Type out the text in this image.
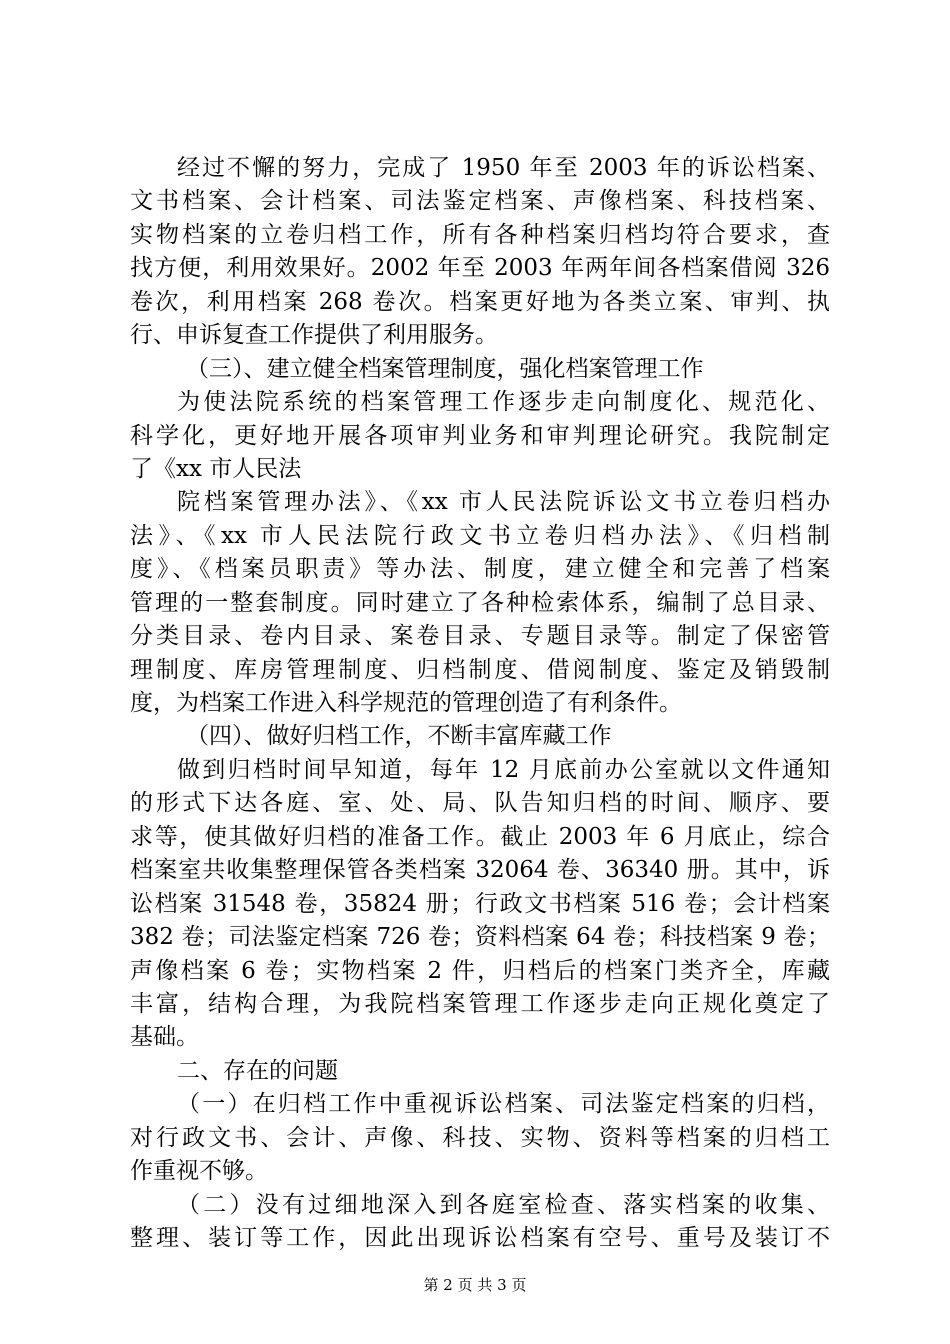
经过不懈的努力，完成了 1950 年至 2003 年的诉讼档案、
文书档案、会计档案、司法鉴定档案、声像档案、科技档案、
实物档案的立卷归档工作，所有各种档案归档均符合要求，查
找方便，利用效果好。2002 年至 2003 年两年间各档案借阅 326
卷次，利用档案 268 卷次。档案更好地为各类立案、审判、执
行、申诉复查工作提供了利用服务。
（三）、建立健全档案管理制度，强化档案管理工作
为使法院系统的档案管理工作逐步走向制度化、规范化、
科学化，更好地开展各项审判业务和审判理论研究。我院制定
了《xx 市人民法
院档案管理办法》、《xx 市人民法院诉讼文书立卷归档办
法》、《xx 市人民法院行政文书立卷归档办法》、《归档制
度》、《档案员职责》等办法、制度，建立健全和完善了档案
管理的一整套制度。同时建立了各种检索体系，编制了总目录、
分类目录、卷内目录、案卷目录、专题目录等。制定了保密管
理制度、库房管理制度、归档制度、借阅制度、鉴定及销毁制
度，为档案工作进入科学规范的管理创造了有利条件。
（四）、做好归档工作，不断丰富库藏工作
做到归档时间早知道，每年 12 月底前办公室就以文件通知
的形式下达各庭、室、处、局、队告知归档的时间、顺序、要
求等，使其做好归档的准备工作。截止 2003 年 6 月底止，综合
档案室共收集整理保管各类档案 32064 卷、36340 册。其中，诉
讼档案 31548 卷，35824 册；行政文书档案 516 卷；会计档案
382 卷；司法鉴定档案 726 卷；资料档案 64 卷；科技档案 9 卷；
声像档案 6 卷；实物档案 2 件，归档后的档案门类齐全，库藏
丰富，结构合理，为我院档案管理工作逐步走向正规化奠定了
基础。
二、存在的问题
（一）在归档工作中重视诉讼档案、司法鉴定档案的归档，
对行政文书、会计、声像、科技、实物、资料等档案的归档工
作重视不够。
（二）没有过细地深入到各庭室检查、落实档案的收集、
整理、装订等工作，因此出现诉讼档案有空号、重号及装订不
第 2 页 共 3 页
